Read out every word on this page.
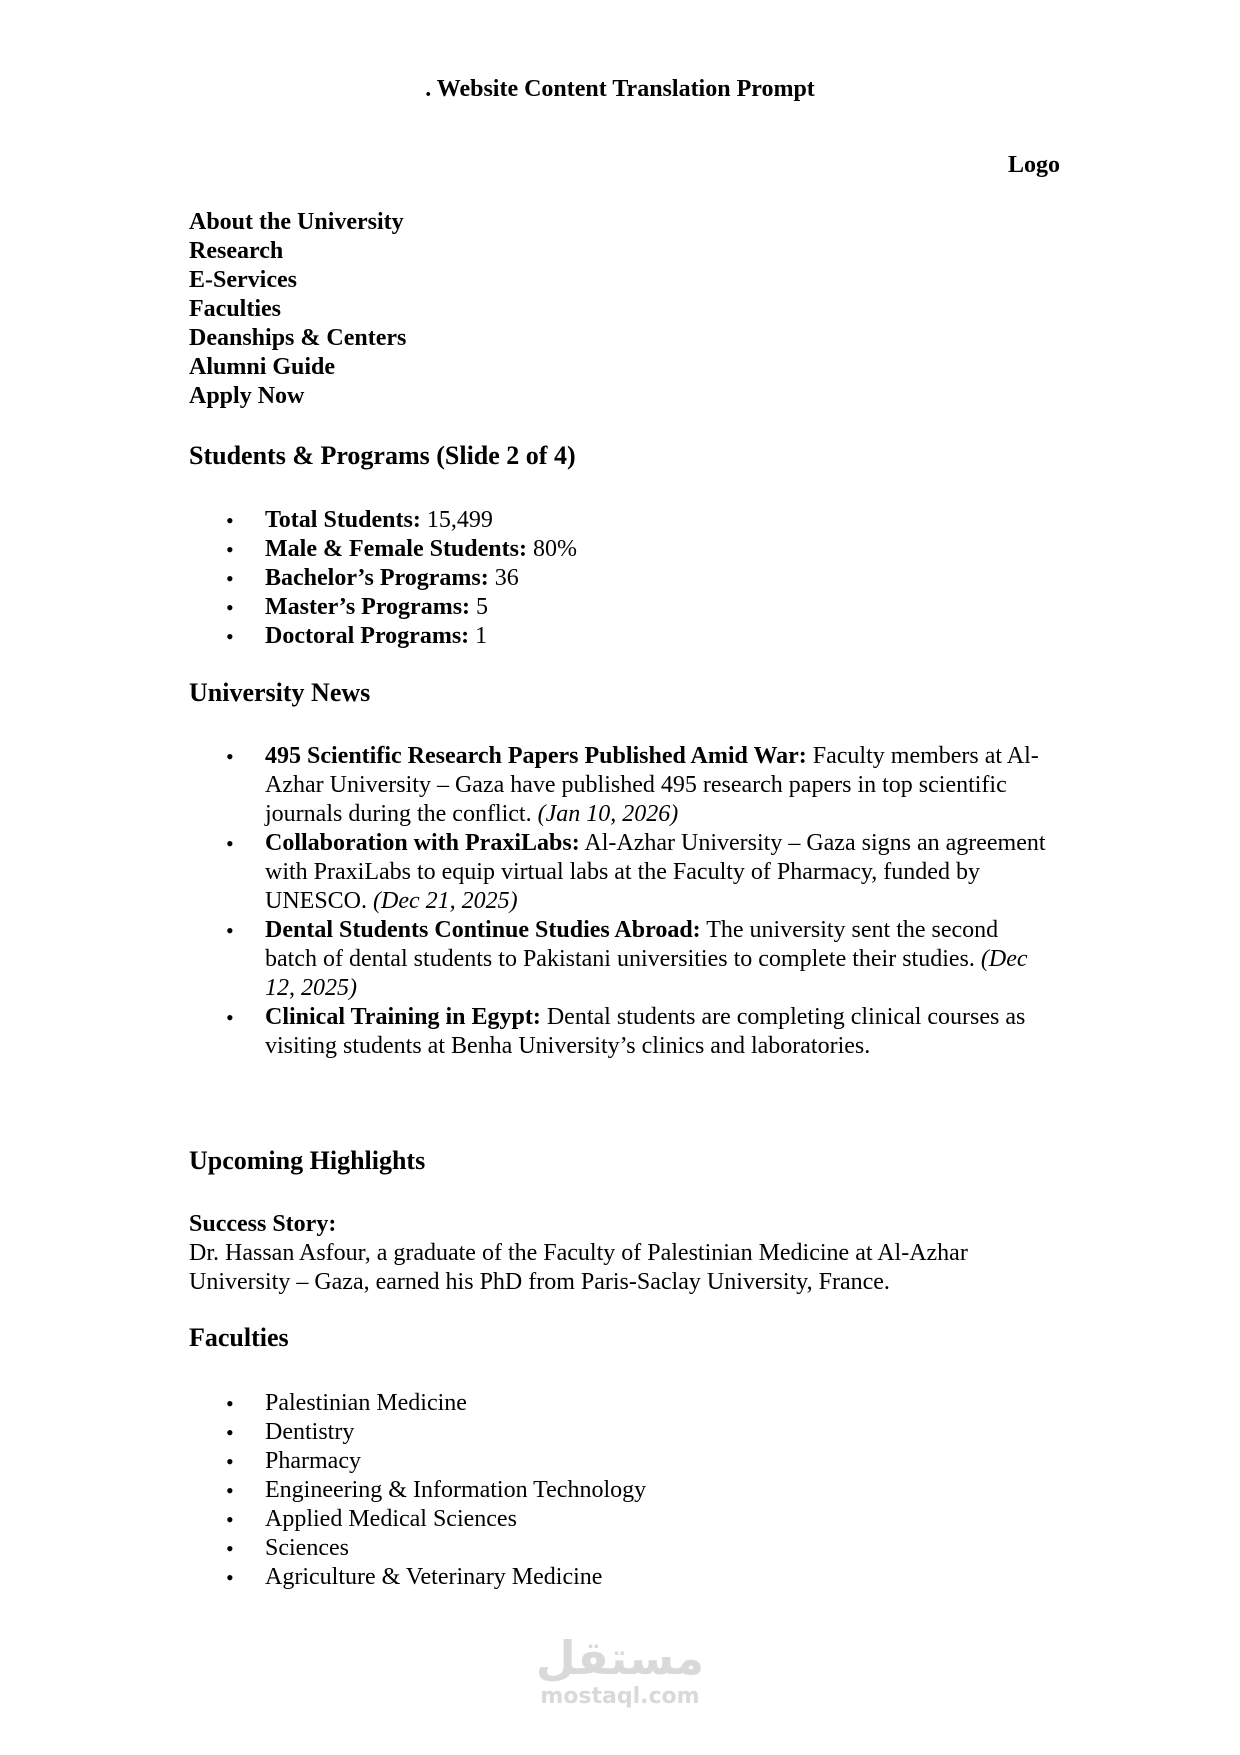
. Website Content Translation Prompt
Logo
About the University
Research
E-Services
Faculties
Deanships & Centers
Alumni Guide
Apply Now
Students & Programs (Slide 2 of 4)
• Total Students: 15,499
• Male & Female Students: 80%
• Bachelor’s Programs: 36
• Master’s Programs: 5
• Doctoral Programs: 1
University News
• 495 Scientific Research Papers Published Amid War: Faculty members at Al-Azhar University – Gaza have published 495 research papers in top scientific journals during the conflict. (Jan 10, 2026)
• Collaboration with PraxiLabs: Al-Azhar University – Gaza signs an agreement with PraxiLabs to equip virtual labs at the Faculty of Pharmacy, funded by UNESCO. (Dec 21, 2025)
• Dental Students Continue Studies Abroad: The university sent the second batch of dental students to Pakistani universities to complete their studies. (Dec 12, 2025)
• Clinical Training in Egypt: Dental students are completing clinical courses as visiting students at Benha University’s clinics and laboratories.
Upcoming Highlights
Success Story:

Dr. Hassan Asfour, a graduate of the Faculty of Palestinian Medicine at Al-Azhar University – Gaza, earned his PhD from Paris-Saclay University, France.

Faculties
• Palestinian Medicine
• Dentistry
• Pharmacy
• Engineering & Information Technology
• Applied Medical Sciences
• Sciences
• Agriculture & Veterinary Medicine
مستقل
mostaql.com
